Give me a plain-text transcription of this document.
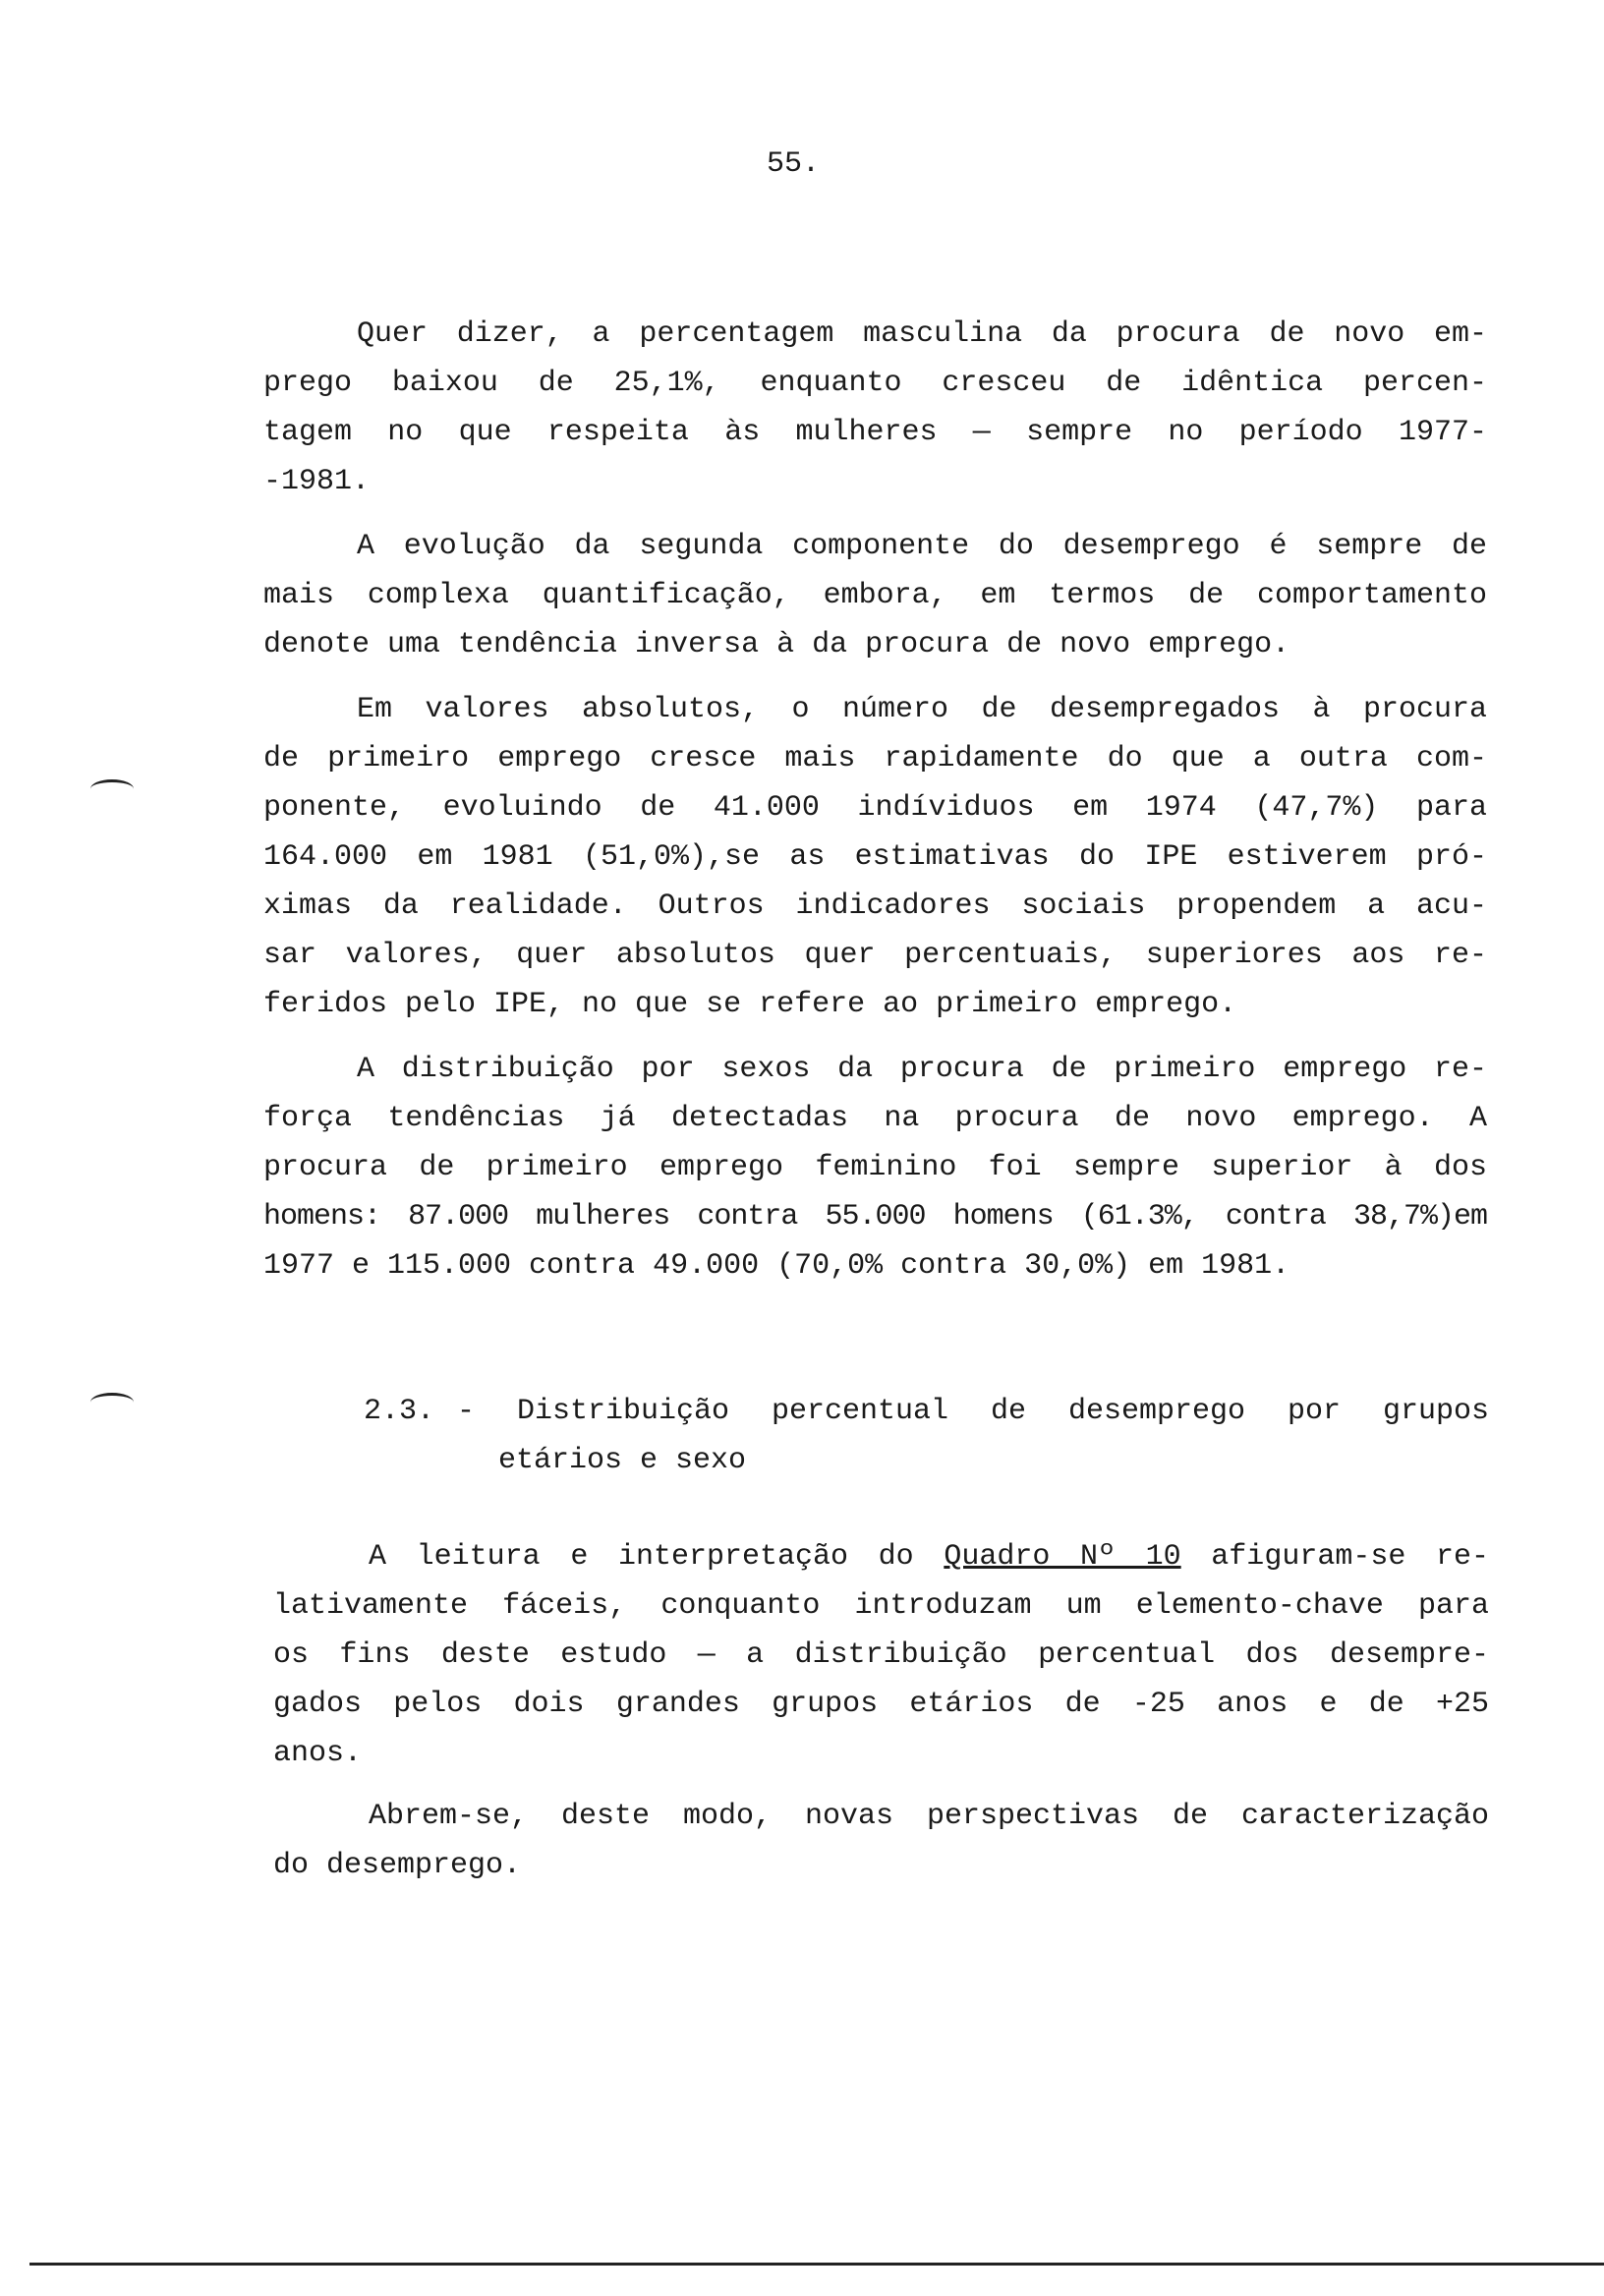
55.
Quer dizer, a percentagem masculina da procura de novo em-
prego baixou de 25,1%, enquanto cresceu de idêntica percen-
tagem no que respeita às mulheres — sempre no período 1977-
-1981.
A evolução da segunda componente do desemprego é sempre de
mais complexa quantificação, embora, em termos de comportamento
denote uma tendência inversa à da procura de novo emprego.
Em valores absolutos, o número de desempregados à procura
de primeiro emprego cresce mais rapidamente do que a outra com-
ponente, evoluindo de 41.000 indíviduos em 1974 (47,7%) para
164.000 em 1981 (51,0%),se as estimativas do IPE estiverem pró-
ximas da realidade. Outros indicadores sociais propendem a acu-
sar valores, quer absolutos quer percentuais, superiores aos re-
feridos pelo IPE, no que se refere ao primeiro emprego.
A distribuição por sexos da procura de primeiro emprego re-
força tendências já detectadas na procura de novo emprego. A
procura de primeiro emprego feminino foi sempre superior à dos
homens: 87.000 mulheres contra 55.000 homens (61.3%, contra 38,7%)em
1977 e 115.000 contra 49.000 (70,0% contra 30,0%) em 1981.
2.3. - Distribuição percentual de desemprego por grupos
etários e sexo
A leitura e interpretação do Quadro Nº 10 afiguram-se re-
lativamente fáceis, conquanto introduzam um elemento-chave para
os fins deste estudo — a distribuição percentual dos desempre-
gados pelos dois grandes grupos etários de -25 anos e de +25
anos.
Abrem-se, deste modo, novas perspectivas de caracterização
do desemprego.
